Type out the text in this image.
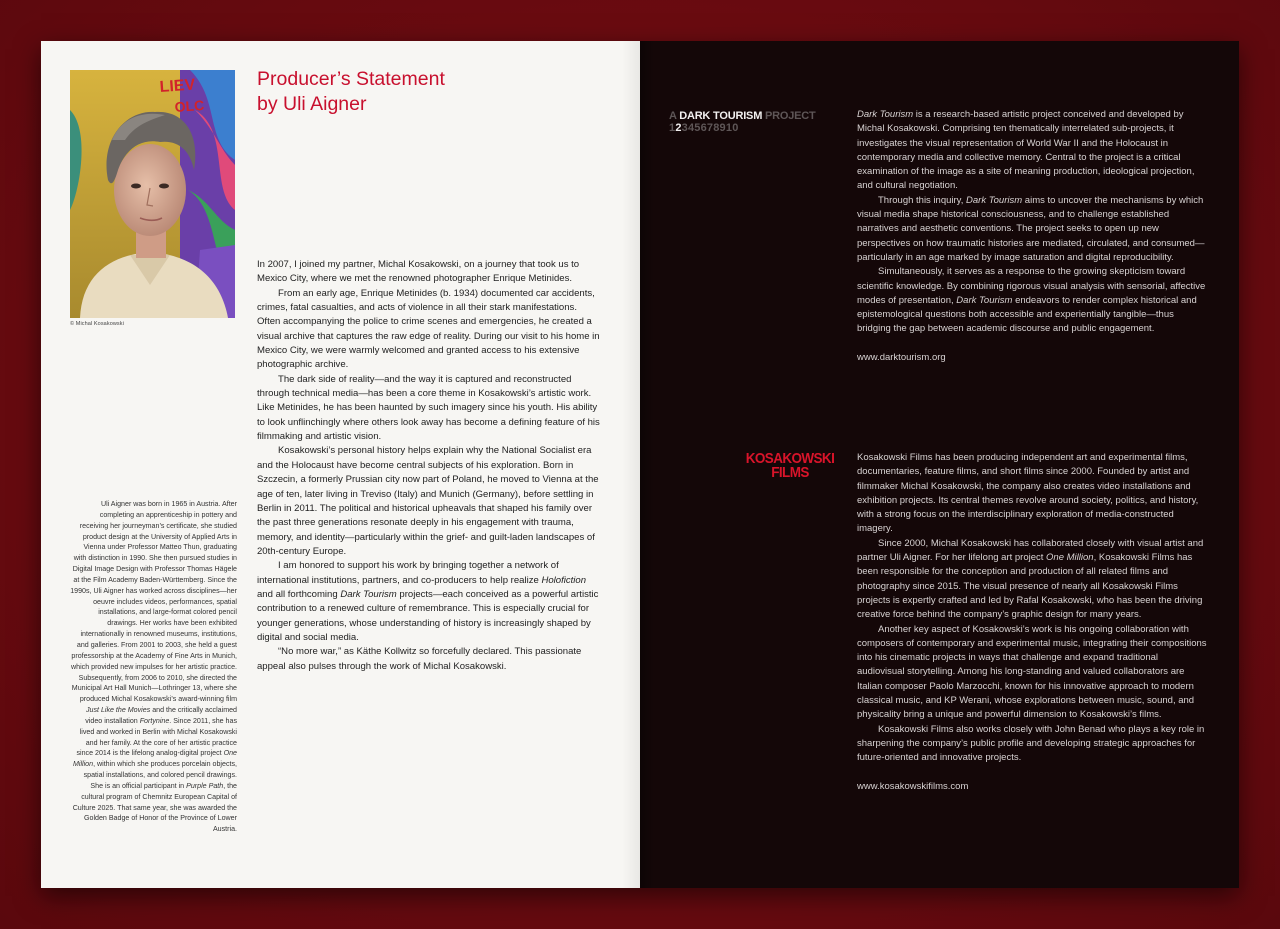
LIEV
OLC
© Michal Kosakowski
Producer’s Statement
by Uli Aigner

In 2007, I joined my partner, Michal Kosakowski, on a journey that took us to Mexico City, where we met the renowned photographer Enrique Metinides.

From an early age, Enrique Metinides (b. 1934) documented car accidents, crimes, fatal casualties, and acts of violence in all their stark manifestations. Often accompanying the police to crime scenes and emergencies, he created a visual archive that captures the raw edge of reality. During our visit to his home in Mexico City, we were warmly welcomed and granted access to his extensive photographic archive.

The dark side of reality—and the way it is captured and reconstructed through technical media—has been a core theme in Kosakowski’s artistic work. Like Metinides, he has been haunted by such imagery since his youth. His ability to look unflinchingly where others look away has become a defining feature of his filmmaking and artistic vision.

Kosakowski’s personal history helps explain why the National Socialist era and the Holocaust have become central subjects of his exploration. Born in Szczecin, a formerly Prussian city now part of Poland, he moved to Vienna at the age of ten, later living in Treviso (Italy) and Munich (Germany), before settling in Berlin in 2011. The political and historical upheavals that shaped his family over the past three generations resonate deeply in his engagement with trauma, memory, and identity—particularly within the grief- and guilt-laden landscapes of 20th-century Europe.

I am honored to support his work by bringing together a network of international institutions, partners, and co-producers to help realize Holofiction and all forthcoming Dark Tourism projects—each conceived as a powerful artistic contribution to a renewed culture of remembrance. This is especially crucial for younger generations, whose understanding of history is increasingly shaped by digital and social media.

“No more war,” as Käthe Kollwitz so forcefully declared. This passionate appeal also pulses through the work of Michal Kosakowski.

Uli Aigner was born in 1965 in Austria. After completing an apprenticeship in pottery and receiving her journeyman’s certificate, she studied product design at the University of Applied Arts in Vienna under Professor Matteo Thun, graduating with distinction in 1990. She then pursued studies in Digital Image Design with Professor Thomas Hägele at the Film Academy Baden-Württemberg. Since the 1990s, Uli Aigner has worked across disciplines—her oeuvre includes videos, performances, spatial installations, and large-format colored pencil drawings. Her works have been exhibited internationally in renowned museums, institutions, and galleries. From 2001 to 2003, she held a guest professorship at the Academy of Fine Arts in Munich, which provided new impulses for her artistic practice. Subsequently, from 2006 to 2010, she directed the Municipal Art Hall Munich—Lothringer 13, where she produced Michal Kosakowski’s award-winning film Just Like the Movies and the critically acclaimed video installation Fortynine. Since 2011, she has lived and worked in Berlin with Michal Kosakowski and her family. At the core of her artistic practice since 2014 is the lifelong analog-digital project One Million, within which she produces porcelain objects, spatial installations, and colored pencil drawings. She is an official participant in Purple Path, the cultural program of Chemnitz European Capital of Culture 2025. That same year, she was awarded the Golden Badge of Honor of the Province of Lower Austria.
A DARK TOURISM PROJECT
12345678910

Dark Tourism is a research-based artistic project conceived and developed by Michal Kosakowski. Comprising ten thematically interrelated sub-projects, it investigates the visual representation of World War II and the Holocaust in contemporary media and collective memory. Central to the project is a critical examination of the image as a site of meaning production, ideological projection, and cultural negotiation.

Through this inquiry, Dark Tourism aims to uncover the mechanisms by which visual media shape historical consciousness, and to challenge established narratives and aesthetic conventions. The project seeks to open up new perspectives on how traumatic histories are mediated, circulated, and consumed—particularly in an age marked by image saturation and digital reproducibility.

Simultaneously, it serves as a response to the growing skepticism toward scientific knowledge. By combining rigorous visual analysis with sensorial, affective modes of presentation, Dark Tourism endeavors to render complex historical and epistemological questions both accessible and experientially tangible—thus bridging the gap between academic discourse and public engagement.

www.darktourism.org

KOSAKOWSKI
FILMS

Kosakowski Films has been producing independent art and experimental films, documentaries, feature films, and short films since 2000. Founded by artist and filmmaker Michal Kosakowski, the company also creates video installations and exhibition projects. Its central themes revolve around society, politics, and history, with a strong focus on the interdisciplinary exploration of media-constructed imagery.

Since 2000, Michal Kosakowski has collaborated closely with visual artist and partner Uli Aigner. For her lifelong art project One Million, Kosakowski Films has been responsible for the conception and production of all related films and photography since 2015. The visual presence of nearly all Kosakowski Films projects is expertly crafted and led by Rafal Kosakowski, who has been the driving creative force behind the company’s graphic design for many years.

Another key aspect of Kosakowski’s work is his ongoing collaboration with composers of contemporary and experimental music, integrating their compositions into his cinematic projects in ways that challenge and expand traditional audiovisual storytelling. Among his long-standing and valued collaborators are Italian composer Paolo Marzocchi, known for his innovative approach to modern classical music, and KP Werani, whose explorations between music, sound, and physicality bring a unique and powerful dimension to Kosakowski’s films.

Kosakowski Films also works closely with John Benad who plays a key role in sharpening the company’s public profile and developing strategic approaches for future-oriented and innovative projects.

www.kosakowskifilms.com
